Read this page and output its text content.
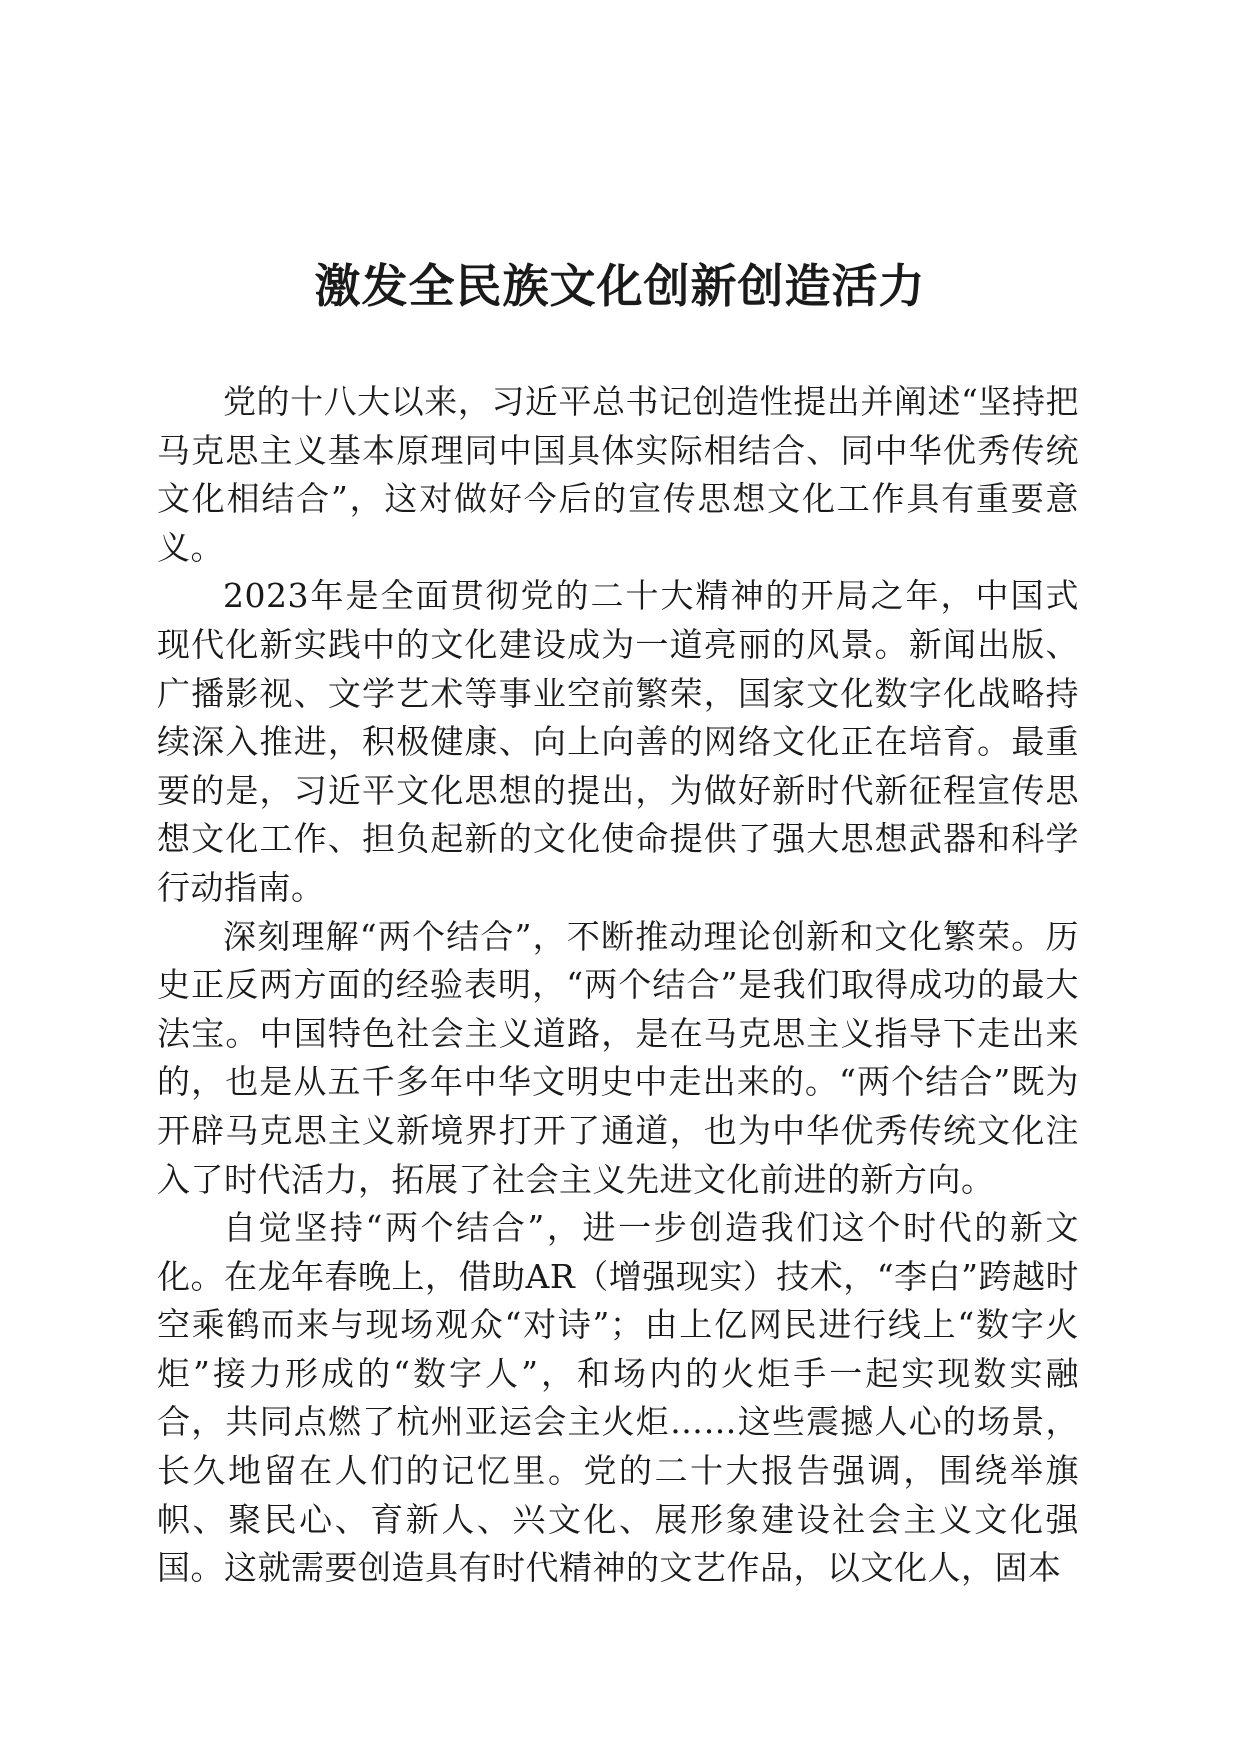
激发全民族文化创新创造活力

党的十八大以来，习近平总书记创造性提出并阐述“坚持把马克思主义基本原理同中国具体实际相结合、同中华优秀传统文化相结合”，这对做好今后的宣传思想文化工作具有重要意义。

2023年是全面贯彻党的二十大精神的开局之年，中国式现代化新实践中的文化建设成为一道亮丽的风景。新闻出版、广播影视、文学艺术等事业空前繁荣，国家文化数字化战略持续深入推进，积极健康、向上向善的网络文化正在培育。最重要的是，习近平文化思想的提出，为做好新时代新征程宣传思想文化工作、担负起新的文化使命提供了强大思想武器和科学行动指南。

深刻理解“两个结合”，不断推动理论创新和文化繁荣。历史正反两方面的经验表明，“两个结合”是我们取得成功的最大法宝。中国特色社会主义道路，是在马克思主义指导下走出来的，也是从五千多年中华文明史中走出来的。“两个结合”既为开辟马克思主义新境界打开了通道，也为中华优秀传统文化注入了时代活力，拓展了社会主义先进文化前进的新方向。

自觉坚持“两个结合”，进一步创造我们这个时代的新文化。在龙年春晚上，借助AR（增强现实）技术，“李白”跨越时空乘鹤而来与现场观众“对诗”；由上亿网民进行线上“数字火炬”接力形成的“数字人”，和场内的火炬手一起实现数实融合，共同点燃了杭州亚运会主火炬……这些震撼人心的场景，长久地留在人们的记忆里。党的二十大报告强调，围绕举旗帜、聚民心、育新人、兴文化、展形象建设社会主义文化强国。这就需要创造具有时代精神的文艺作品，以文化人，固本
